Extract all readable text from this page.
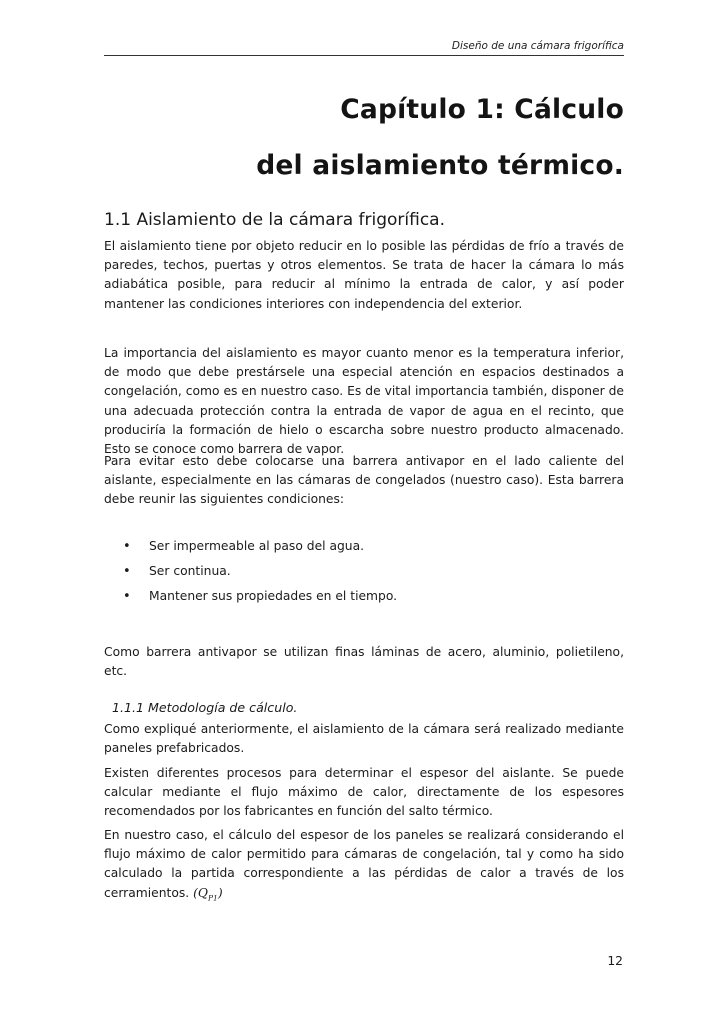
Diseño de una cámara frigorífica
Capítulo 1: Cálculo
del aislamiento térmico.
1.1 Aislamiento de la cámara frigorífica.
El aislamiento tiene por objeto reducir en lo posible las pérdidas de frío a través de paredes, techos, puertas y otros elementos. Se trata de hacer la cámara lo más adiabática posible, para reducir al mínimo la entrada de calor, y así poder mantener las condiciones interiores con independencia del exterior.
La importancia del aislamiento es mayor cuanto menor es la temperatura inferior, de modo que debe prestársele una especial atención en espacios destinados a congelación, como es en nuestro caso. Es de vital importancia también, disponer de una adecuada protección contra la entrada de vapor de agua en el recinto, que produciría la formación de hielo o escarcha sobre nuestro producto almacenado. Esto se conoce como barrera de vapor.
Para evitar esto debe colocarse una barrera antivapor en el lado caliente del aislante, especialmente en las cámaras de congelados (nuestro caso). Esta barrera debe reunir las siguientes condiciones:
• Ser impermeable al paso del agua.
• Ser continua.
• Mantener sus propiedades en el tiempo.
Como barrera antivapor se utilizan finas láminas de acero, aluminio, polietileno, etc.
1.1.1 Metodología de cálculo.
Como expliqué anteriormente, el aislamiento de la cámara será realizado mediante paneles prefabricados.
Existen diferentes procesos para determinar el espesor del aislante. Se puede calcular mediante el flujo máximo de calor, directamente de los espesores recomendados por los fabricantes en función del salto térmico.
En nuestro caso, el cálculo del espesor de los paneles se realizará considerando el flujo máximo de calor permitido para cámaras de congelación, tal y como ha sido calculado la partida correspondiente a las pérdidas de calor a través de los cerramientos. $(Q_{P1})$
12
